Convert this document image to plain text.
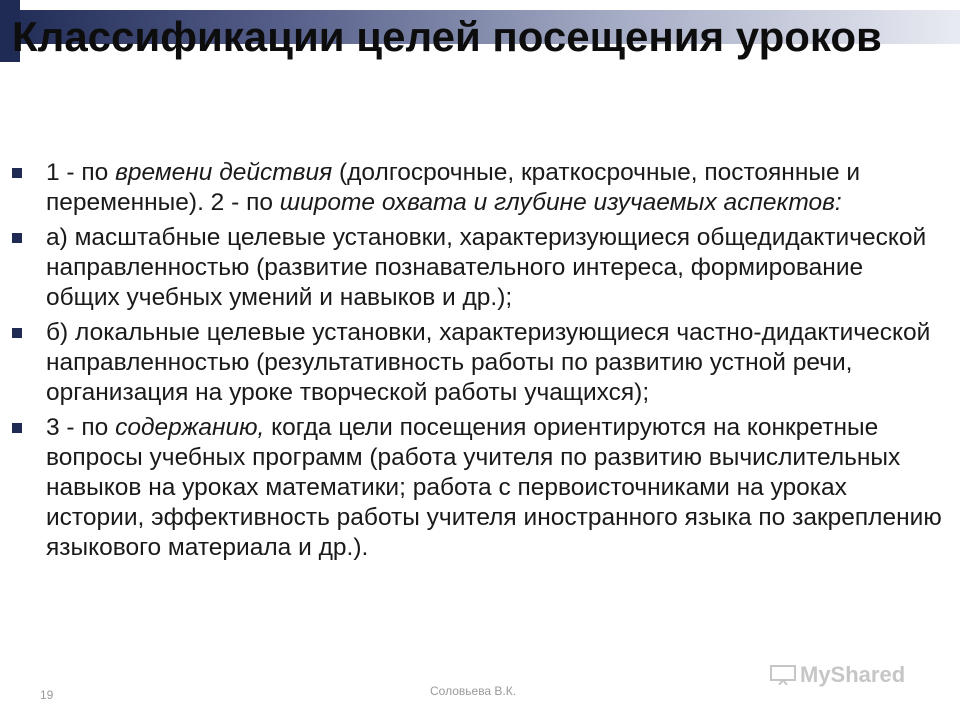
Классификации целей посещения уроков
1 - по времени действия (долгосрочные, краткосрочные, постоянные и переменные). 2 - по широте охвата и глубине изучаемых аспектов:
а) масштабные целевые установки, характеризующиеся общедидактической направленностью (развитие познавательного интереса, формирование общих учебных умений и навыков и др.);
б) локальные целевые установки, характеризующиеся частно-дидактической направленностью (результативность работы по развитию устной речи, организация на уроке творческой работы учащихся);
3 - по содержанию, когда цели посещения ориентируются на конкретные вопросы учебных программ (работа учителя по развитию вычислительных навыков на уроках математики; работа с первоисточниками на уроках истории, эффективность работы учителя иностранного языка по закреплению языкового материала и др.).
19	Соловьева В.К.
MyShared
